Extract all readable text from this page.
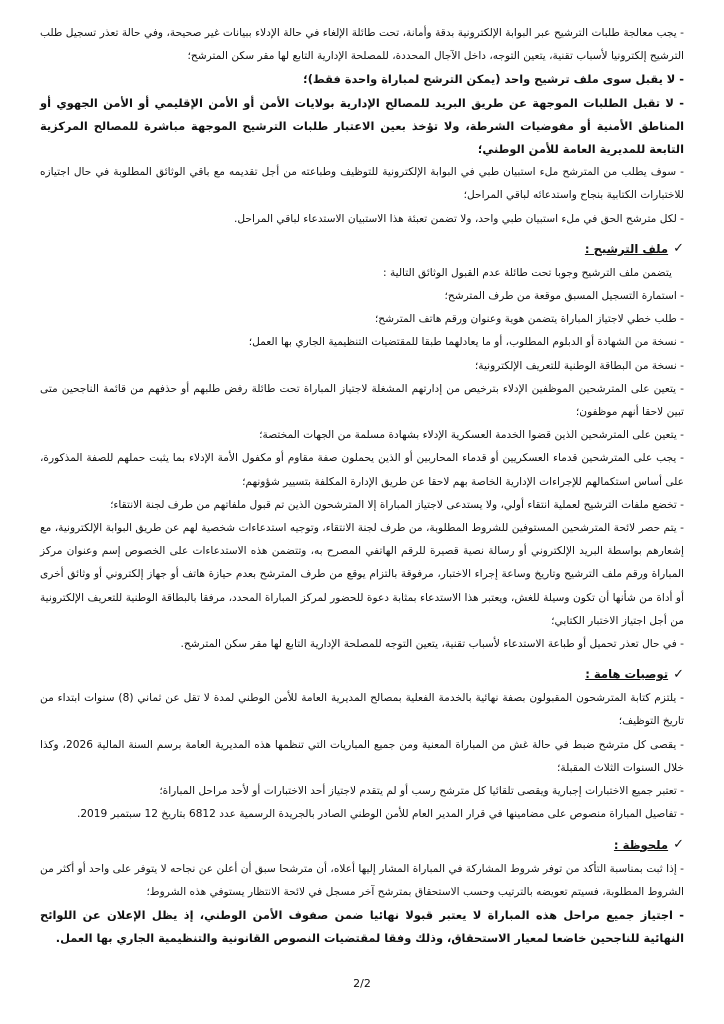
- يجب معالجة طلبات الترشيح عبر البوابة الإلكترونية بدقة وأمانة، تحت طائلة الإلغاء في حالة الإدلاء ببيانات غير صحيحة، وفي حالة تعذر تسجيل طلب الترشيح إلكترونيا لأسباب تقنية، يتعين التوجه، داخل الآجال المحددة، للمصلحة الإدارية التابع لها مقر سكن المترشح؛

- لا يقبل سوى ملف ترشيح واحد (يمكن الترشح لمباراة واحدة فقط)؛

- لا تقبل الطلبات الموجهة عن طريق البريد للمصالح الإدارية بولايات الأمن أو الأمن الإقليمي أو الأمن الجهوي أو المناطق الأمنية أو مفوضيات الشرطة، ولا تؤخذ بعين الاعتبار طلبات الترشيح الموجهة مباشرة للمصالح المركزية التابعة للمديرية العامة للأمن الوطني؛

- سوف يطلب من المترشح ملء استبيان طبي في البوابة الإلكترونية للتوظيف وطباعته من أجل تقديمه مع باقي الوثائق المطلوبة في حال اجتيازه للاختبارات الكتابية بنجاح واستدعائه لباقي المراحل؛

- لكل مترشح الحق في ملء استبيان طبي واحد، ولا تضمن تعبئة هذا الاستبيان الاستدعاء لباقي المراحل.

✓
ملف الترشيح :

يتضمن ملف الترشيح وجوبا تحت طائلة عدم القبول الوثائق التالية :

- استمارة التسجيل المسبق موقعة من طرف المترشح؛

- طلب خطي لاجتياز المباراة يتضمن هوية وعنوان ورقم هاتف المترشح؛

- نسخة من الشهادة أو الدبلوم المطلوب، أو ما يعادلهما طبقا للمقتضيات التنظيمية الجاري بها العمل؛

- نسخة من البطاقة الوطنية للتعريف الإلكترونية؛

- يتعين على المترشحين الموظفين الإدلاء بترخيص من إدارتهم المشغلة لاجتياز المباراة تحت طائلة رفض طلبهم أو حذفهم من قائمة الناجحين متى تبين لاحقا أنهم موظفون؛

- يتعين على المترشحين الذين قضوا الخدمة العسكرية الإدلاء بشهادة مسلمة من الجهات المختصة؛

- يجب على المترشحين قدماء العسكريين أو قدماء المحاربين أو الذين يحملون صفة مقاوم أو مكفول الأمة الإدلاء بما يثبت حملهم للصفة المذكورة، على أساس استكمالهم للإجراءات الإدارية الخاصة بهم لاحقا عن طريق الإدارة المكلفة بتسيير شؤونهم؛

- تخضع ملفات الترشيح لعملية انتقاء أولي، ولا يستدعى لاجتياز المباراة إلا المترشحون الذين تم قبول ملفاتهم من طرف لجنة الانتقاء؛

- يتم حصر لائحة المترشحين المستوفين للشروط المطلوبة، من طرف لجنة الانتقاء، وتوجيه استدعاءات شخصية لهم عن طريق البوابة الإلكترونية، مع إشعارهم بواسطة البريد الإلكتروني أو رسالة نصية قصيرة للرقم الهاتفي المصرح به، وتتضمن هذه الاستدعاءات على الخصوص إسم وعنوان مركز المباراة ورقم ملف الترشيح وتاريخ وساعة إجراء الاختبار، مرفوقة بالتزام يوقع من طرف المترشح بعدم حيازة هاتف أو جهاز إلكتروني أو وثائق أخرى أو أداة من شأنها أن تكون وسيلة للغش، ويعتبر هذا الاستدعاء بمثابة دعوة للحضور لمركز المباراة المحدد، مرفقا بالبطاقة الوطنية للتعريف الإلكترونية من أجل اجتياز الاختبار الكتابي؛

- في حال تعذر تحميل أو طباعة الاستدعاء لأسباب تقنية، يتعين التوجه للمصلحة الإدارية التابع لها مقر سكن المترشح.

✓
توصيات هامة :

- يلتزم كتابة المترشحون المقبولون بصفة نهائية بالخدمة الفعلية بمصالح المديرية العامة للأمن الوطني لمدة لا تقل عن ثماني (8) سنوات ابتداء من تاريخ التوظيف؛

- يقصى كل مترشح ضبط في حالة غش من المباراة المعنية ومن جميع المباريات التي تنظمها هذه المديرية العامة برسم السنة المالية 2026، وكذا خلال السنوات الثلاث المقبلة؛

- تعتبر جميع الاختبارات إجبارية ويقصى تلقائيا كل مترشح رسب أو لم يتقدم لاجتياز أحد الاختبارات أو لأحد مراحل المباراة؛

- تفاصيل المباراة منصوص على مضامينها في قرار المدير العام للأمن الوطني الصادر بالجريدة الرسمية عدد 6812 بتاريخ 12 سبتمبر 2019.

✓
ملحوظة :

- إذا ثبت بمناسبة التأكد من توفر شروط المشاركة في المباراة المشار إليها أعلاه، أن مترشحا سبق أن أعلن عن نجاحه لا يتوفر على واحد أو أكثر من الشروط المطلوبة، فسيتم تعويضه بالترتيب وحسب الاستحقاق بمترشح آخر مسجل في لائحة الانتظار يستوفي هذه الشروط؛

- اجتياز جميع مراحل هذه المباراة لا يعتبر قبولا نهائيا ضمن صفوف الأمن الوطني، إذ يظل الإعلان عن اللوائح النهائية للناجحين خاضعا لمعيار الاستحقاق، وذلك وفقا لمقتضيات النصوص القانونية والتنظيمية الجاري بها العمل.

2/2
